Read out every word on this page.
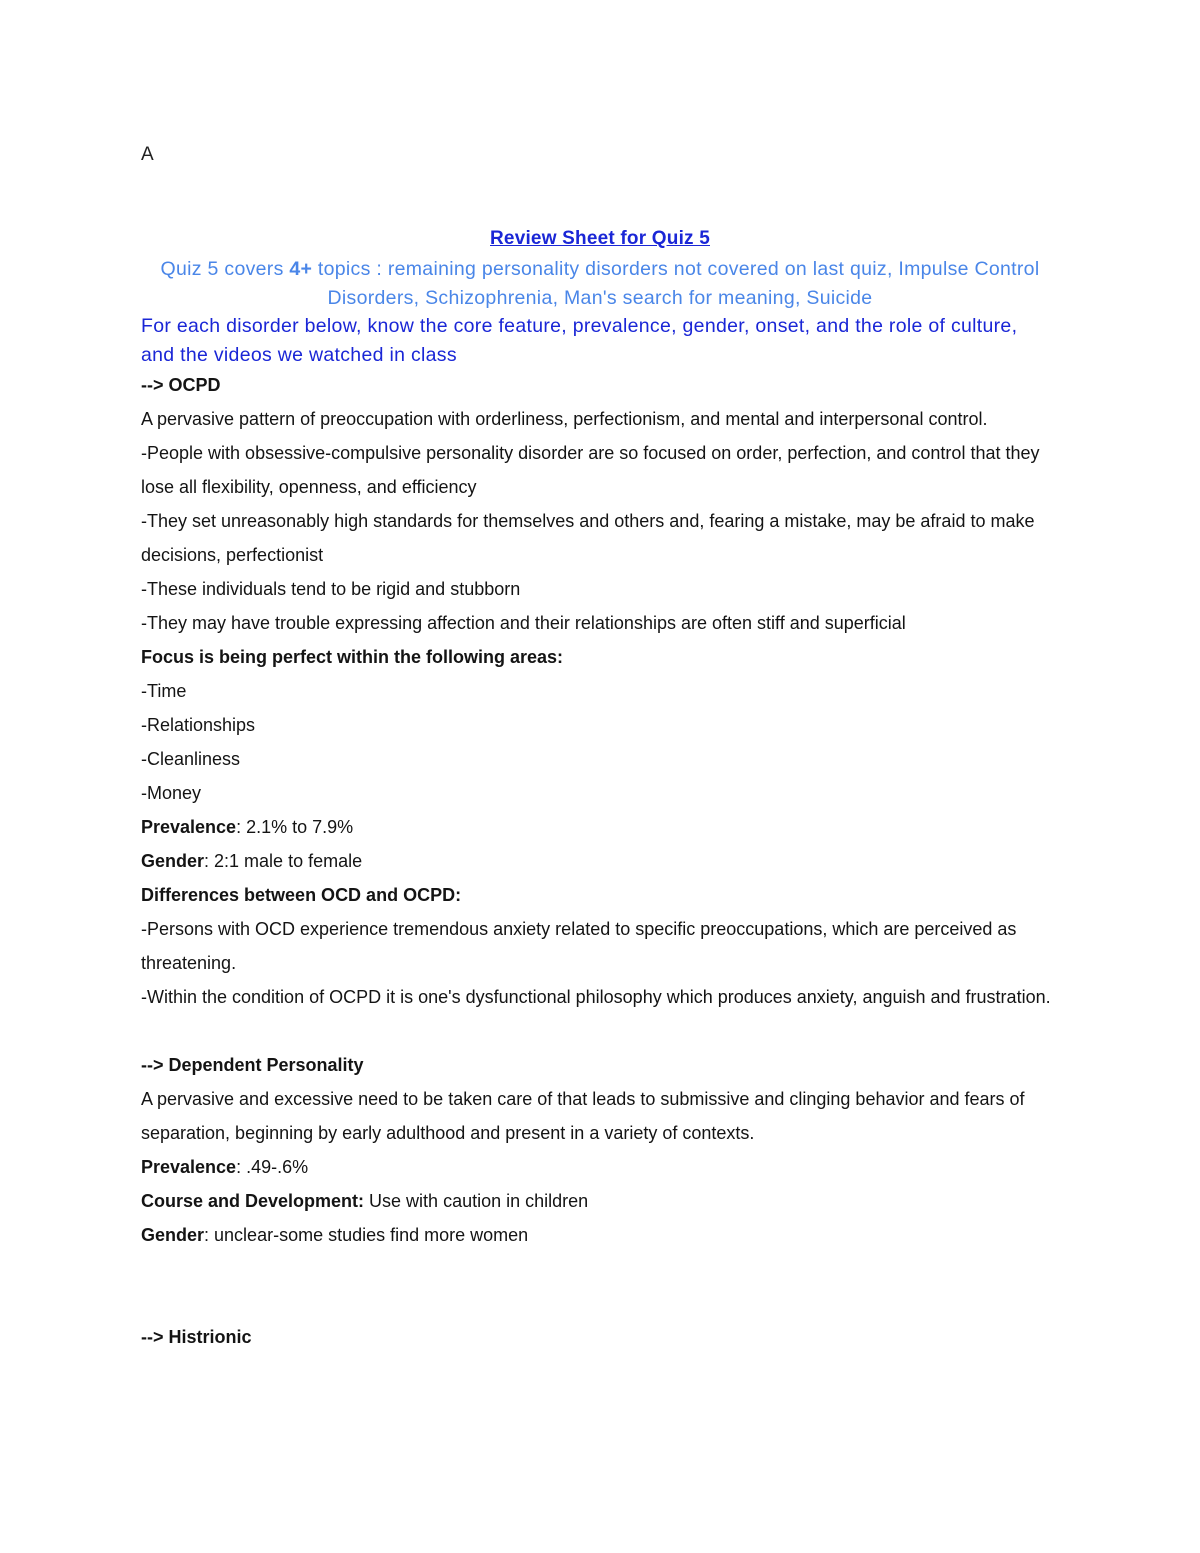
A
Review Sheet for Quiz 5
Quiz 5 covers 4+ topics : remaining personality disorders not covered on last quiz, Impulse Control Disorders, Schizophrenia, Man's search for meaning, Suicide
For each disorder below, know the core feature, prevalence, gender, onset, and the role of culture, and the videos we watched in class

--> OCPD

A pervasive pattern of preoccupation with orderliness, perfectionism, and mental and interpersonal control.

-People with obsessive-compulsive personality disorder are so focused on order, perfection, and control that they lose all flexibility, openness, and efficiency

-They set unreasonably high standards for themselves and others and, fearing a mistake, may be afraid to make decisions, perfectionist

-These individuals tend to be rigid and stubborn

-They may have trouble expressing affection and their relationships are often stiff and superficial

Focus is being perfect within the following areas:

-Time

-Relationships

-Cleanliness

-Money

Prevalence: 2.1% to 7.9%

Gender: 2:1 male to female

Differences between OCD and OCPD:

-Persons with OCD experience tremendous anxiety related to specific preoccupations, which are perceived as threatening.

-Within the condition of OCPD it is one's dysfunctional philosophy which produces anxiety, anguish and frustration.

--> Dependent Personality

A pervasive and excessive need to be taken care of that leads to submissive and clinging behavior and fears of separation, beginning by early adulthood and present in a variety of contexts.

Prevalence: .49-.6%

Course and Development: Use with caution in children

Gender: unclear-some studies find more women

--> Histrionic
